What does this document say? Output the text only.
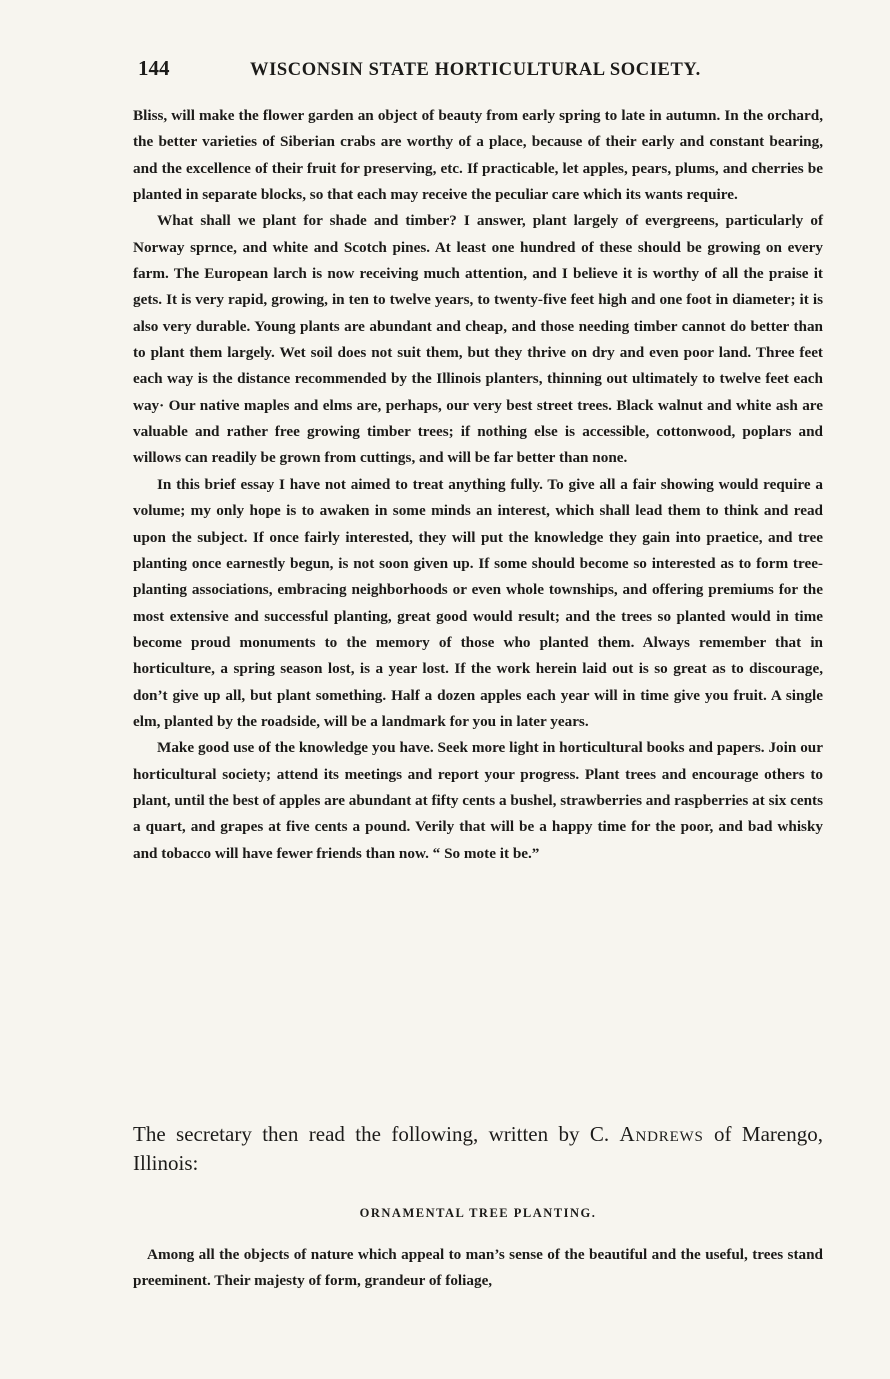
144	WISCONSIN STATE HORTICULTURAL SOCIETY.

Bliss, will make the flower garden an object of beauty from early spring to late in autumn. In the orchard, the better varieties of Siberian crabs are worthy of a place, because of their early and constant bearing, and the excellence of their fruit for preserving, etc. If practicable, let apples, pears, plums, and cherries be planted in separate blocks, so that each may receive the peculiar care which its wants require.

What shall we plant for shade and timber? I answer, plant largely of evergreens, particularly of Norway sprnce, and white and Scotch pines. At least one hundred of these should be growing on every farm. The European larch is now receiving much attention, and I believe it is worthy of all the praise it gets. It is very rapid, growing, in ten to twelve years, to twenty-five feet high and one foot in diameter; it is also very durable. Young plants are abundant and cheap, and those needing timber cannot do better than to plant them largely. Wet soil does not suit them, but they thrive on dry and even poor land. Three feet each way is the distance recommended by the Illinois planters, thinning out ultimately to twelve feet each way· Our native maples and elms are, perhaps, our very best street trees. Black walnut and white ash are valuable and rather free growing timber trees; if nothing else is accessible, cottonwood, poplars and willows can readily be grown from cuttings, and will be far better than none.

In this brief essay I have not aimed to treat anything fully. To give all a fair showing would require a volume; my only hope is to awaken in some minds an interest, which shall lead them to think and read upon the subject. If once fairly interested, they will put the knowledge they gain into praetice, and tree planting once earnestly begun, is not soon given up. If some should become so interested as to form tree-planting associations, embracing neighborhoods or even whole townships, and offering premiums for the most extensive and successful planting, great good would result; and the trees so planted would in time become proud monuments to the memory of those who planted them. Always remember that in horticulture, a spring season lost, is a year lost. If the work herein laid out is so great as to discourage, don’t give up all, but plant something. Half a dozen apples each year will in time give you fruit. A single elm, planted by the roadside, will be a landmark for you in later years.

Make good use of the knowledge you have. Seek more light in horticultural books and papers. Join our horticultural society; attend its meetings and report your progress. Plant trees and encourage others to plant, until the best of apples are abundant at fifty cents a bushel, strawberries and raspberries at six cents a quart, and grapes at five cents a pound. Verily that will be a happy time for the poor, and bad whisky and tobacco will have fewer friends than now. “ So mote it be.”

The secretary then read the following, written by C. Andrews of Marengo, Illinois:
ORNAMENTAL TREE PLANTING.

Among all the objects of nature which appeal to man’s sense of the beautiful and the useful, trees stand preeminent. Their majesty of form, grandeur of foliage,
